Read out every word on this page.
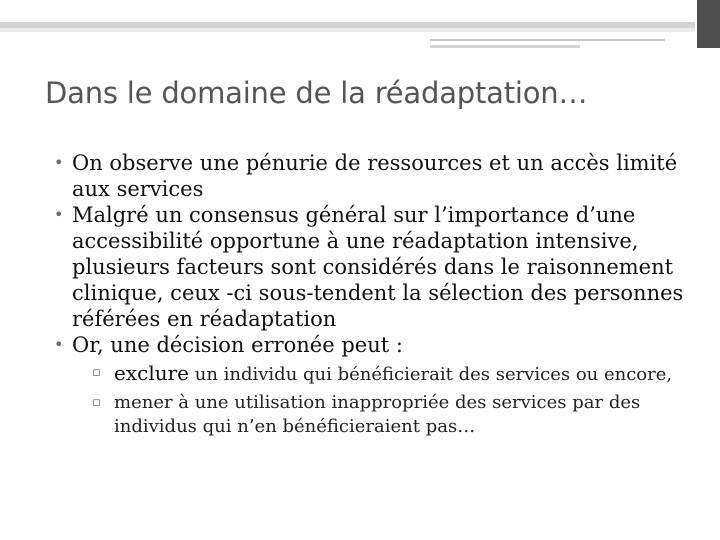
Dans le domaine de la réadaptation…
• On observe une pénurie de ressources et un accès limité aux services
• Malgré un consensus général sur l’importance d’une accessibilité opportune à une réadaptation intensive, plusieurs facteurs sont considérés dans le raisonnement clinique, ceux -ci sous-tendent la sélection des personnes référées en réadaptation
• Or, une décision erronée peut :
▫ exclure un individu qui bénéficierait des services ou encore,
▫ mener à une utilisation inappropriée des services par des individus qui n’en bénéficieraient pas…
